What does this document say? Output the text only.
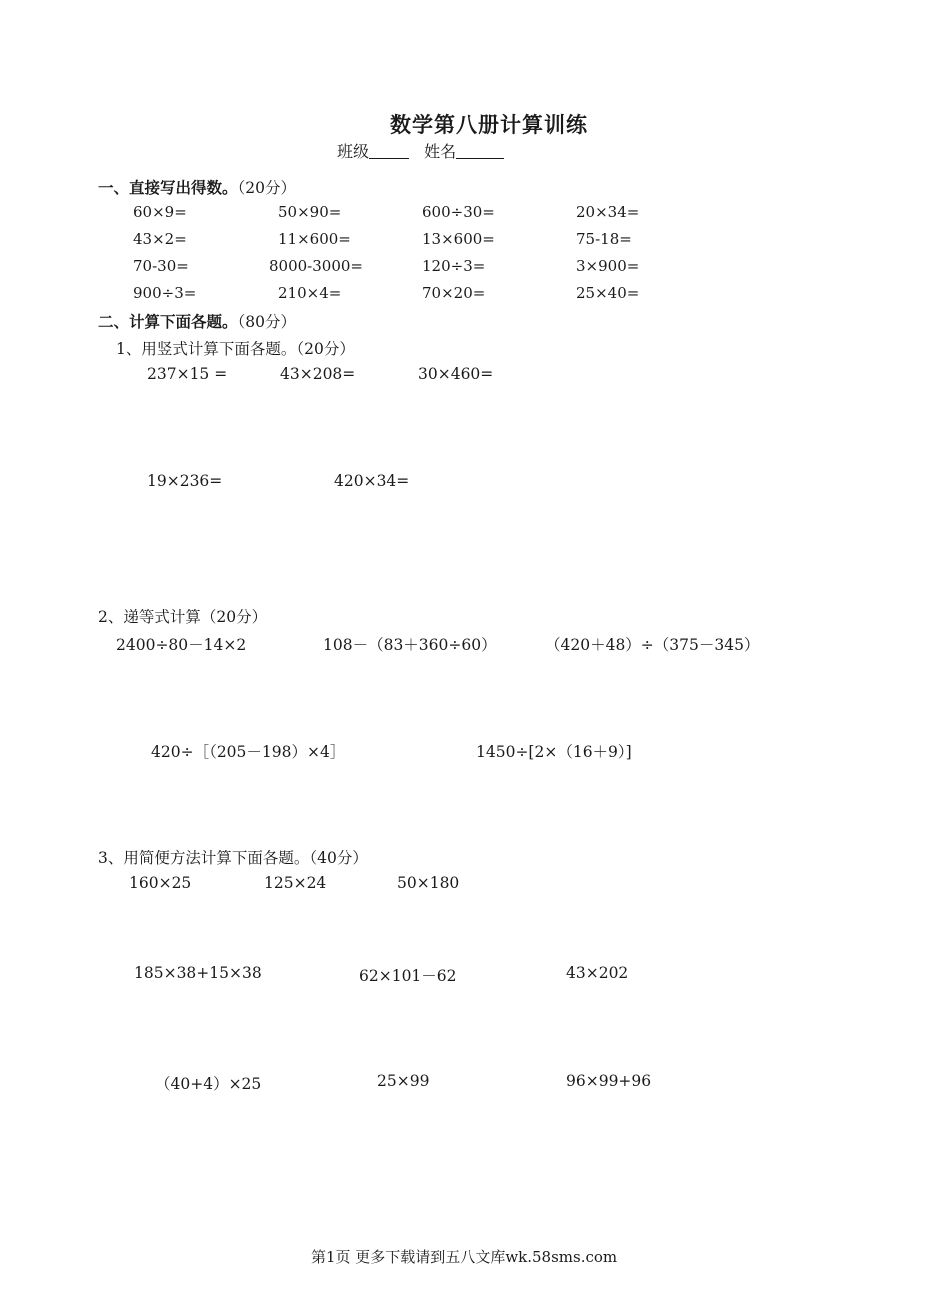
数学第八册计算训练
班级	姓名
一、直接写出得数。（20分）
60×9=	50×90=	600÷30=	20×34=
43×2=	11×600=	13×600=	75-18=
70-30=	8000-3000=	120÷3=	3×900=
900÷3=	210×4=	70×20=	25×40=
二、计算下面各题。（80分）
1、用竖式计算下面各题。（20分）
237×15 =	43×208=	30×460=
19×236=	420×34=
2、递等式计算（20分）
2400÷80－14×2	108－（83＋360÷60）	（420＋48）÷（375－345）
420÷［（205－198）×4］	1450÷[2×（16＋9）]
3、用简便方法计算下面各题。（40分）
160×25	125×24	50×180
185×38+15×38	62×101－62	43×202
（40+4）×25	25×99	96×99+96
第1页 更多下载请到五八文库wk.58sms.com
